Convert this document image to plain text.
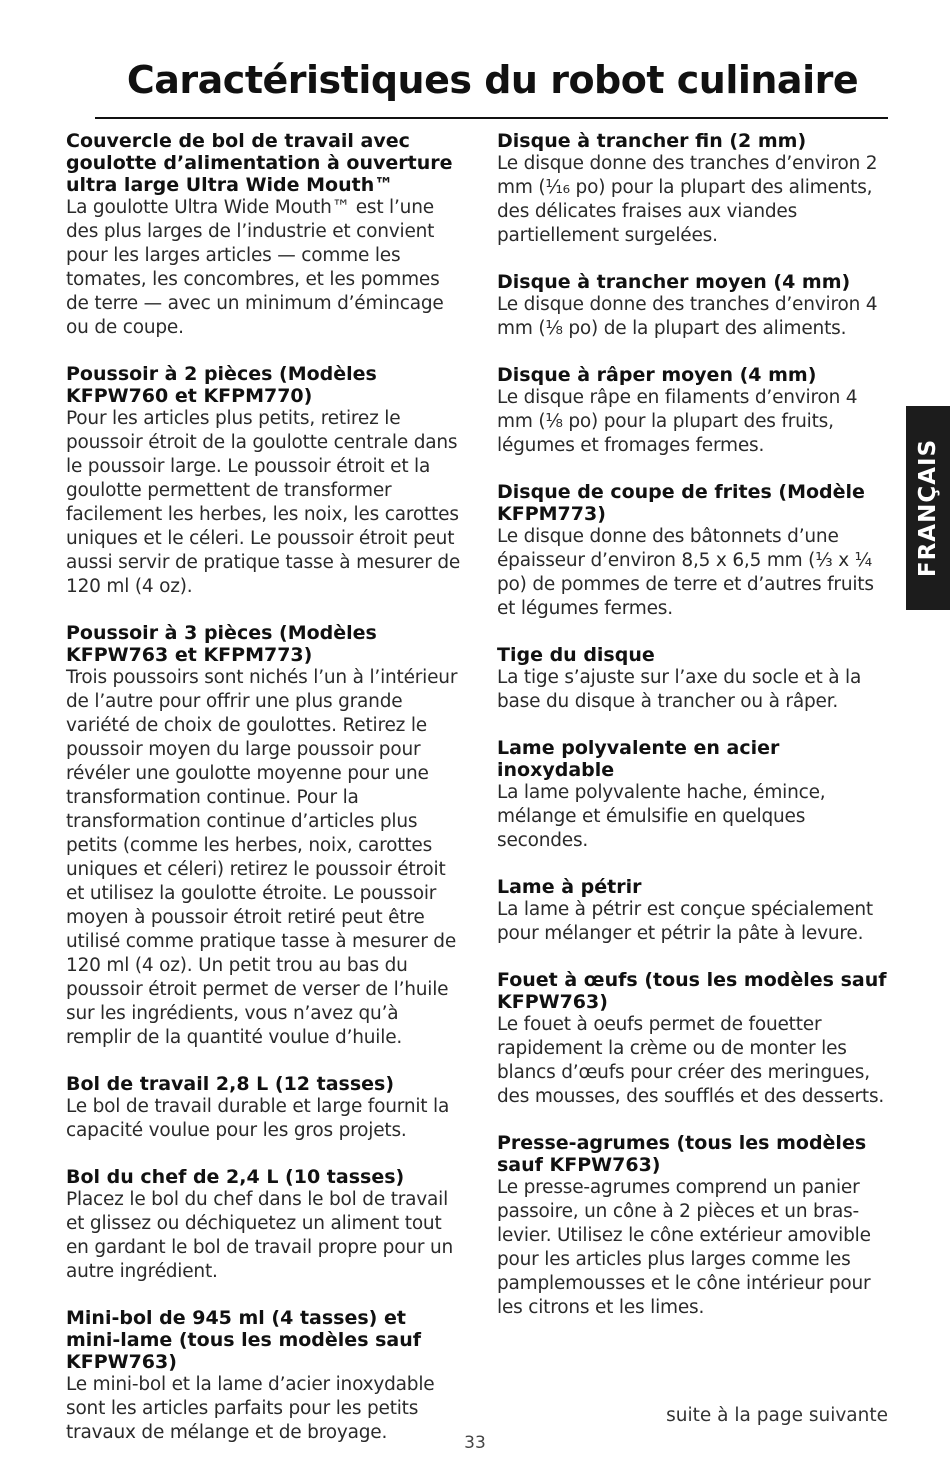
Caractéristiques du robot culinaire
Couvercle de bol de travail avec goulotte d’alimentation à ouverture ultra large Ultra Wide Mouth™

La goulotte Ultra Wide Mouth™ est l’une des plus larges de l’industrie et convient pour les larges articles — comme les tomates, les concombres, et les pommes de terre — avec un minimum d’émincage ou de coupe.

Poussoir à 2 pièces (Modèles KFPW760 et KFPM770)

Pour les articles plus petits, retirez le poussoir étroit de la goulotte centrale dans le poussoir large. Le poussoir étroit et la goulotte permettent de transformer facilement les herbes, les noix, les carottes uniques et le céleri. Le poussoir étroit peut aussi servir de pratique tasse à mesurer de 120 ml (4 oz).

Poussoir à 3 pièces (Modèles KFPW763 et KFPM773)

Trois poussoirs sont nichés l’un à l’intérieur de l’autre pour offrir une plus grande variété de choix de goulottes. Retirez le poussoir moyen du large poussoir pour révéler une goulotte moyenne pour une transformation continue. Pour la transformation continue d’articles plus petits (comme les herbes, noix, carottes uniques et céleri) retirez le poussoir étroit et utilisez la goulotte étroite. Le poussoir moyen à poussoir étroit retiré peut être utilisé comme pratique tasse à mesurer de 120 ml (4 oz). Un petit trou au bas du poussoir étroit permet de verser de l’huile sur les ingrédients, vous n’avez qu’à remplir de la quantité voulue d’huile.

Bol de travail 2,8 L (12 tasses)

Le bol de travail durable et large fournit la capacité voulue pour les gros projets.

Bol du chef de 2,4 L (10 tasses)

Placez le bol du chef dans le bol de travail et glissez ou déchiquetez un aliment tout en gardant le bol de travail propre pour un autre ingrédient.

Mini-bol de 945 ml (4 tasses) et mini-lame (tous les modèles sauf KFPW763)

Le mini-bol et la lame d’acier inoxydable sont les articles parfaits pour les petits travaux de mélange et de broyage.

Disque à trancher fin (2 mm)

Le disque donne des tranches d’environ 2 mm (¹⁄₁₆ po) pour la plupart des aliments, des délicates fraises aux viandes partiellement surgelées.

Disque à trancher moyen (4 mm)

Le disque donne des tranches d’environ 4 mm (¹⁄₈ po) de la plupart des aliments.

Disque à râper moyen (4 mm)

Le disque râpe en filaments d’environ 4 mm (¹⁄₈ po) pour la plupart des fruits, légumes et fromages fermes.

Disque de coupe de frites (Modèle KFPM773)

Le disque donne des bâtonnets d’une épaisseur d’environ 8,5 x 6,5 mm (¹⁄₃ x ¹⁄₄ po) de pommes de terre et d’autres fruits et légumes fermes.

Tige du disque

La tige s’ajuste sur l’axe du socle et à la base du disque à trancher ou à râper.

Lame polyvalente en acier inoxydable

La lame polyvalente hache, émince, mélange et émulsifie en quelques secondes.

Lame à pétrir

La lame à pétrir est conçue spécialement pour mélanger et pétrir la pâte à levure.

Fouet à œufs (tous les modèles sauf KFPW763)

Le fouet à oeufs permet de fouetter rapidement la crème ou de monter les blancs d’œufs pour créer des meringues, des mousses, des soufflés et des desserts.

Presse-agrumes (tous les modèles sauf KFPW763)

Le presse-agrumes comprend un panier passoire, un cône à 2 pièces et un bras-levier. Utilisez le cône extérieur amovible pour les articles plus larges comme les pamplemousses et le cône intérieur pour les citrons et les limes.

FRANÇAIS

suite à la page suivante

33
